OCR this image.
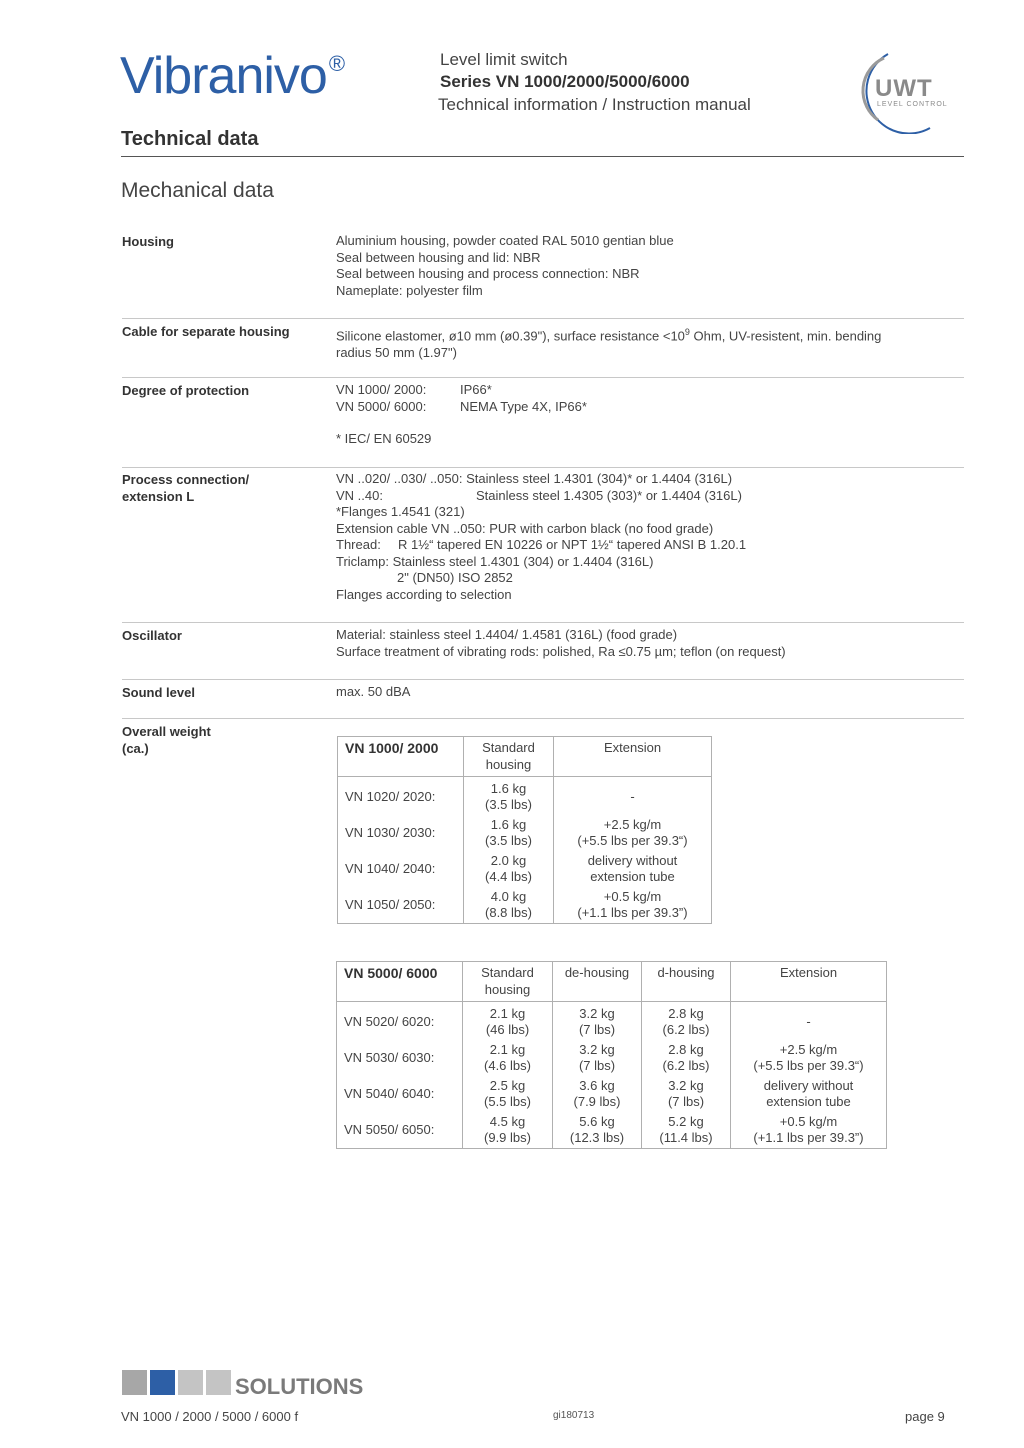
Vibranivo®	Level limit switch
Series VN 1000/2000/5000/6000
Technical information / Instruction manual
UWT
LEVEL CONTROL
Technical data
Mechanical data
Housing	Aluminium housing, powder coated RAL 5010 gentian blue
Seal between housing and lid: NBR
Seal between housing and process connection: NBR
Nameplate: polyester film
Cable for separate housing	Silicone elastomer, ø10 mm (ø0.39"), surface resistance $<10^9$ Ohm, UV-resistent, min. bending
radius 50 mm (1.97")
Degree of protection	VN 1000/ 2000:	IP66*
VN 5000/ 6000:	NEMA Type 4X, IP66*
* IEC/ EN 60529
Process connection/
extension L
VN ..020/ ..030/ ..050: Stainless steel 1.4301 (304)* or 1.4404 (316L)
VN ..40:	Stainless steel 1.4305 (303)* or 1.4404 (316L)
*Flanges 1.4541 (321)
Extension cable VN ..050: PUR with carbon black (no food grade)
Thread: R 1½“ tapered EN 10226 or NPT 1½“ tapered ANSI B 1.20.1
Triclamp: Stainless steel 1.4301 (304) or 1.4404 (316L)
2" (DN50) ISO 2852
Flanges according to selection
Oscillator	Material: stainless steel 1.4404/ 1.4581 (316L) (food grade)
Surface treatment of vibrating rods: polished, Ra ≤0.75 µm; teflon (on request)
Sound level	max. 50 dBA
Overall weight
(ca.)	VN 1000/ 2000	Standard housing	Extension
VN 1020/ 2020:	1.6 kg
(3.5 lbs)	-
VN 1030/ 2030:	1.6 kg
(3.5 lbs)	+2.5 kg/m
(+5.5 lbs per 39.3“)
VN 1040/ 2040:	2.0 kg
(4.4 lbs)	delivery without
extension tube
VN 1050/ 2050:	4.0 kg
(8.8 lbs)	+0.5 kg/m
(+1.1 lbs per 39.3”)
VN 5000/ 6000	Standard housing	de-housing	d-housing	Extension
VN 5020/ 6020:	2.1 kg
(46 lbs)	3.2 kg
(7 lbs)	2.8 kg
(6.2 lbs)	-
VN 5030/ 6030:	2.1 kg
(4.6 lbs)	3.2 kg
(7 lbs)	2.8 kg
(6.2 lbs)	+2.5 kg/m
(+5.5 lbs per 39.3“)
VN 5040/ 6040:	2.5 kg
(5.5 lbs)	3.6 kg
(7.9 lbs)	3.2 kg
(7 lbs)	delivery without
extension tube
VN 5050/ 6050:	4.5 kg
(9.9 lbs)	5.6 kg
(12.3 lbs)	5.2 kg
(11.4 lbs)	+0.5 kg/m
(+1.1 lbs per 39.3”)
SOLUTIONS
VN 1000 / 2000 / 5000 / 6000 f	gi180713	page 9
